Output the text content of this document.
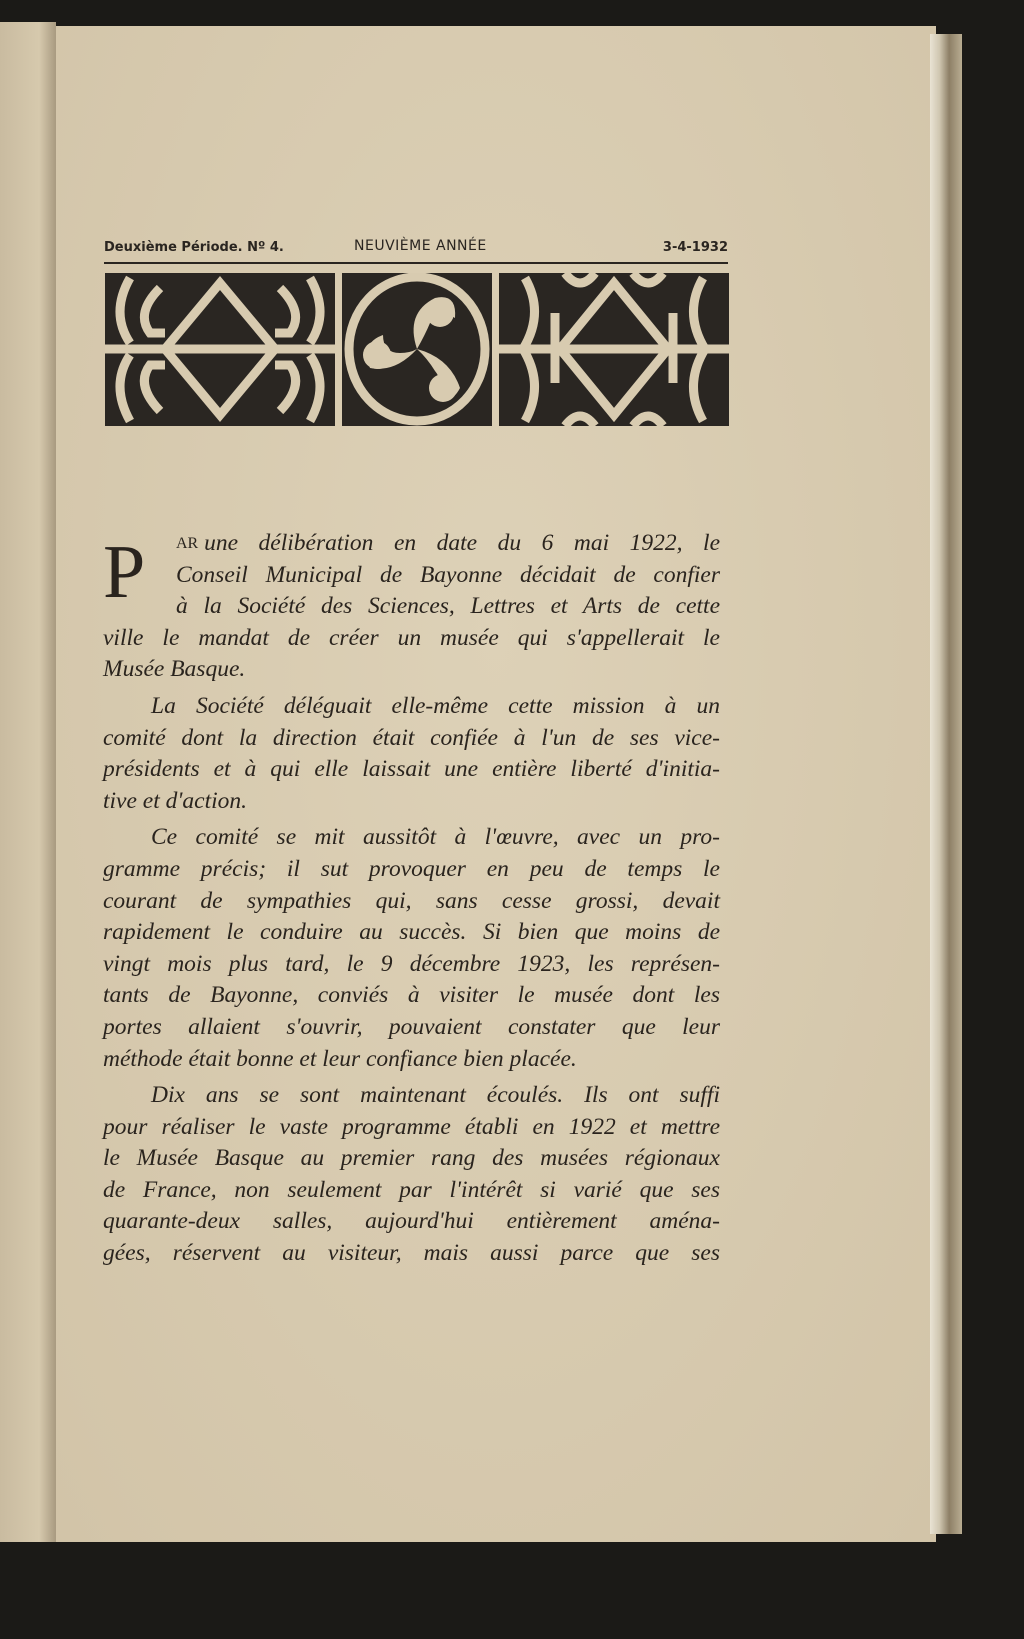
Deuxième Période. Nº 4.	NEUVIÈME ANNÉE	3-4-1932
P AR
une délibération en date du 6 mai 1922, le
Conseil Municipal de Bayonne décidait de confier
à la Société des Sciences, Lettres et Arts de cette
ville le mandat de créer un musée qui s'appellerait le
Musée Basque.
La Société déléguait elle-même cette mission à un
comité dont la direction était confiée à l'un de ses vice-
présidents et à qui elle laissait une entière liberté d'initia-
tive et d'action.
Ce comité se mit aussitôt à l'œuvre, avec un pro-
gramme précis; il sut provoquer en peu de temps le
courant de sympathies qui, sans cesse grossi, devait
rapidement le conduire au succès. Si bien que moins de
vingt mois plus tard, le 9 décembre 1923, les représen-
tants de Bayonne, conviés à visiter le musée dont les
portes allaient s'ouvrir, pouvaient constater que leur
méthode était bonne et leur confiance bien placée.
Dix ans se sont maintenant écoulés. Ils ont suffi
pour réaliser le vaste programme établi en 1922 et mettre
le Musée Basque au premier rang des musées régionaux
de France, non seulement par l'intérêt si varié que ses
quarante-deux salles, aujourd'hui entièrement aména-
gées, réservent au visiteur, mais aussi parce que ses
